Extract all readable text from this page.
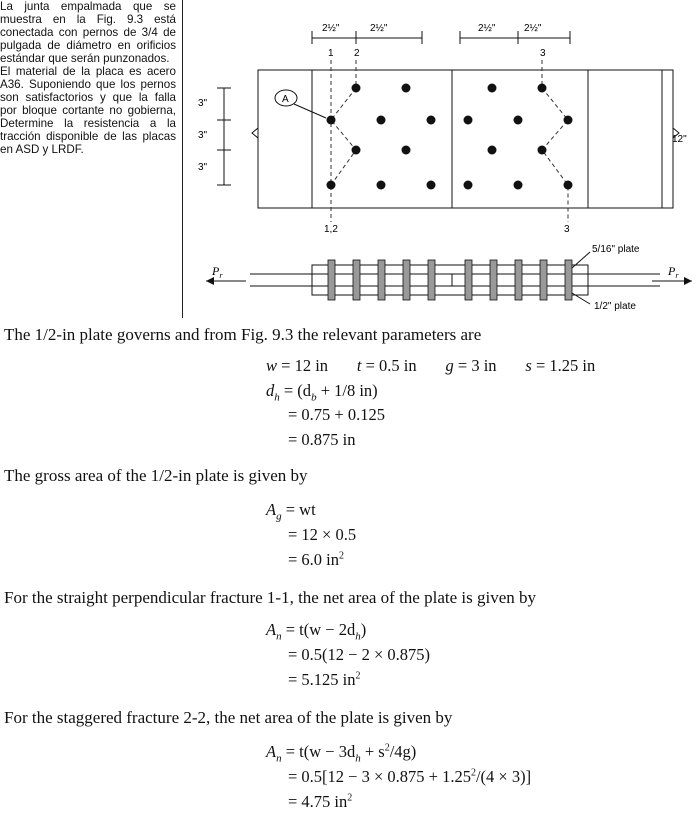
La junta empalmada que se muestra en la Fig. 9.3 está conectada con pernos de 3/4 de pulgada de diámetro en orificios estándar que serán punzonados.

El material de la placa es acero A36. Suponiendo que los pernos son satisfactorios y que la falla por bloque cortante no gobierna, Determine la resistencia a la tracción disponible de las placas en ASD y LRDF.

2½"	2½"	2½"	2½"
1 2	3
A
3"
3"
3"
12"
1,2	3
$P_r$	$P_r$
5/16" plate
1/2" plate
The 1/2-in plate governs and from Fig. 9.3 the relevant parameters are
w = 12 in t = 0.5 in g = 3 in s = 1.25 in
$d_h = (d_b + 1/8$ in)
= 0.75 + 0.125
= 0.875 in
The gross area of the 1/2-in plate is given by
$A_g$ = wt
= 12 × 0.5
= 6.0 $in^2$
For the straight perpendicular fracture 1-1, the net area of the plate is given by
$A_n = t(w - 2d_h)$
= 0.5(12 − 2 × 0.875)
= 5.125 $in^2$
For the staggered fracture 2-2, the net area of the plate is given by
$A_n = t(w - 3d_h + s^2/4g)$
= $0.5[12 - 3 \times 0.875 + 1.25^2/(4 \times 3)]$
= 4.75 $in^2$
